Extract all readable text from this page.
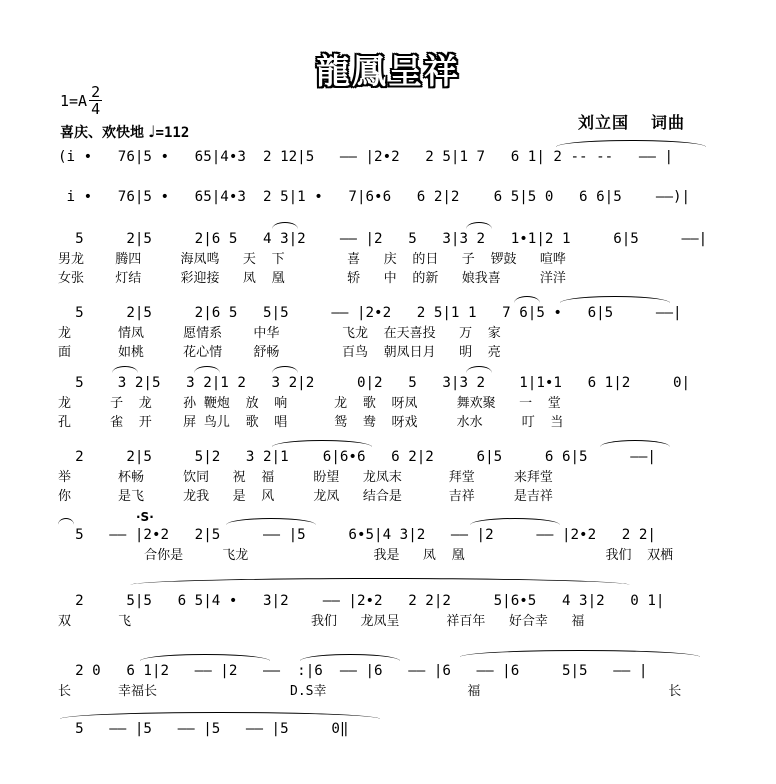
龍鳳呈祥
$1=A \frac{2}{4}$
刘立国 词曲
喜庆、欢快地 ♩=112
(i •   76|5 •   65|4•3  2 12|5   —— |2•2   2 5|1 7   6 1| 2 -- --   —— |
i •   76|5 •   65|4•3  2 5|1 •   7|6•6   6 2|2    6 5|5 0   6 6|5    ——)|
5     2|5     2|6 5   4 3|2    —— |2   5   3|3 2   1•1|2 1     6|5     ——|
男龙    腾四     海凤鸣   天  下        喜   庆  的日   子  锣鼓   喧哗
女张    灯结     彩迎接   凤  凰        轿   中  的新   娘我喜     洋洋
5     2|5     2|6 5   5|5     —— |2•2   2 5|1 1   7 6|5 •   6|5     ——|
龙      情凤     愿情系    中华        飞龙  在天喜投   万  家
面      如桃     花心情    舒畅        百鸟  朝凤日月   明  亮
5    3 2|5   3 2|1 2   3 2|2     0|2   5   3|3 2    1|1•1   6 1|2     0|
龙     子  龙    孙 鞭炮  放  响      龙  歌  呀凤     舞欢聚   一  堂
孔     雀  开    屏 鸟儿  歌  唱      鸳  鸯  呀戏     水水     叮  当
2     2|5     5|2   3 2|1    6|6•6   6 2|2     6|5     6 6|5     ——|
举      杯畅     饮同   祝  福     盼望   龙凤末      拜堂     来拜堂
你      是飞     龙我   是  风     龙凤   结合是      吉祥     是吉祥
5   —— |2•2   2|5     —— |5     6•5|4 3|2   —— |2     —— |2•2   2 2|
合你是     飞龙                我是   凤  凰                  我们  双栖
·S·
2     5|5   6 5|4 •   3|2    —— |2•2   2 2|2     5|6•5   4 3|2   0 1|
双      飞                       我们   龙凤呈      祥百年   好合幸   福
2 0   6 1|2   —— |2   ——  :|6  —— |6   —— |6   —— |6     5|5   —— |
长      幸福长                 D.S幸                  福                        长
5   —— |5   —— |5   —— |5     0‖
